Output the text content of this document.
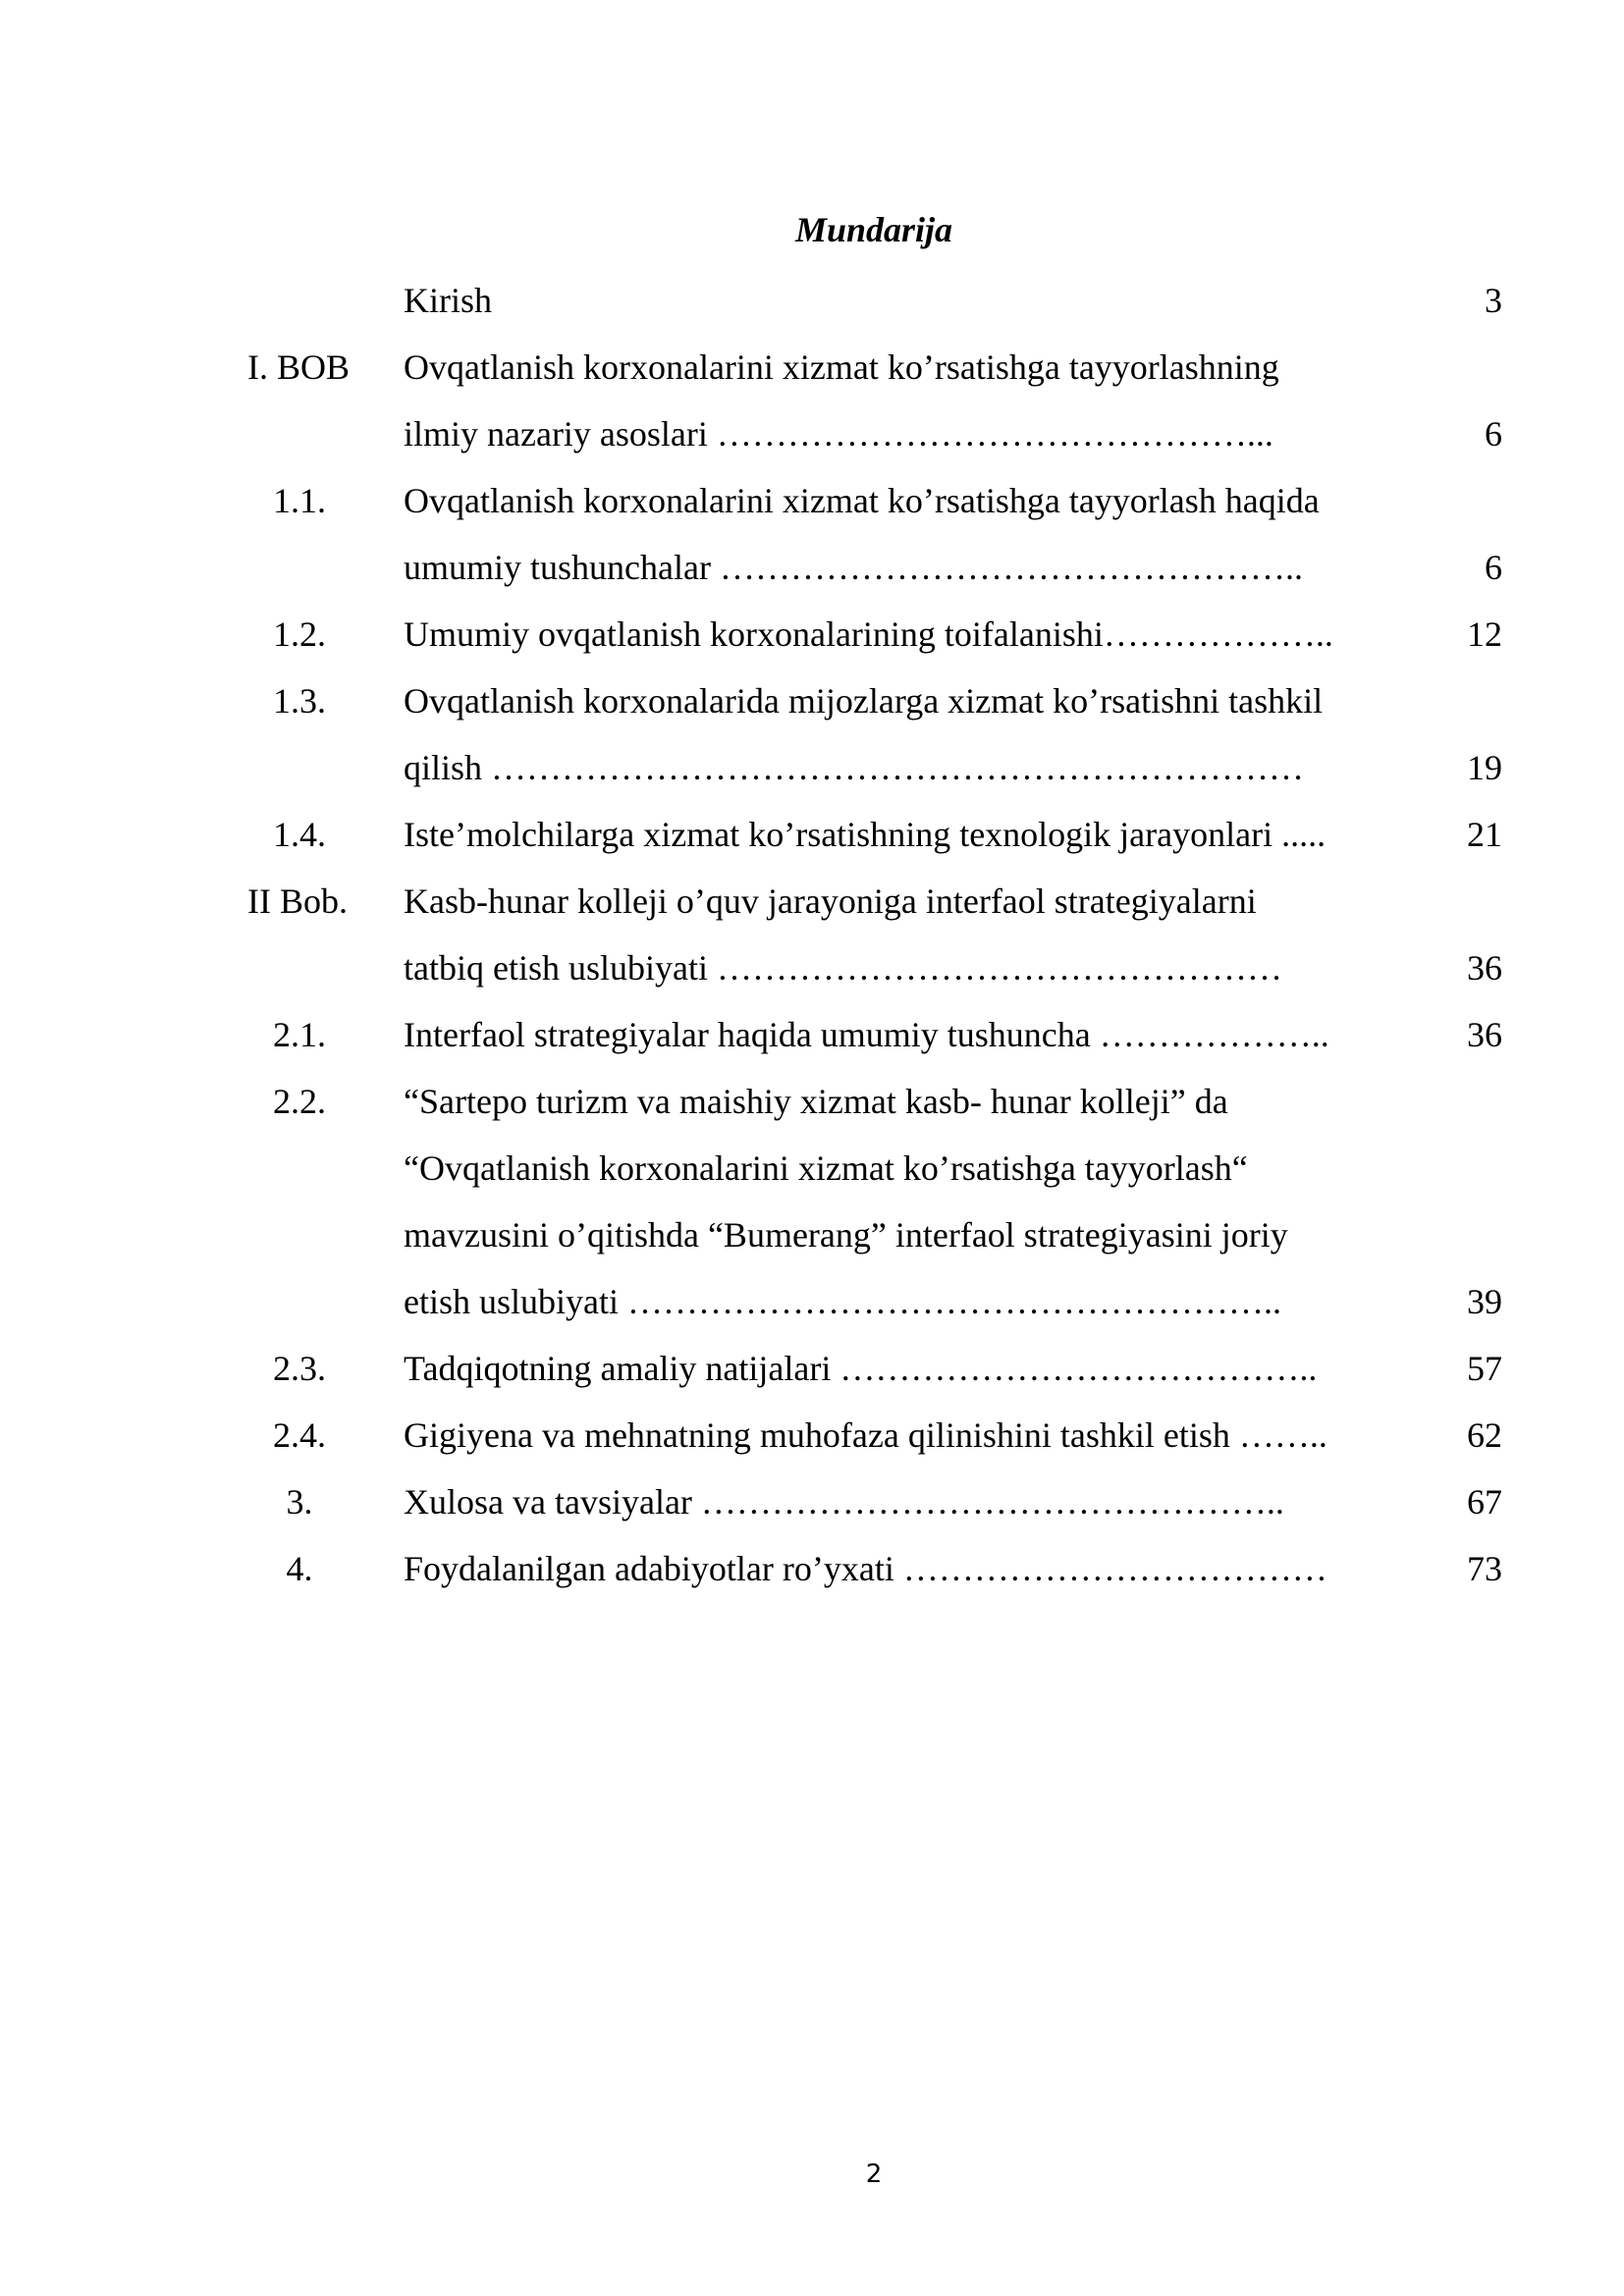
Mundarija
Kirish	3
I. BOB Ovqatlanish korxonalarini xizmat ko’rsatishga tayyorlashning
ilmiy nazariy asoslari ………………………………………...	6
1.1.	Ovqatlanish korxonalarini xizmat ko’rsatishga tayyorlash haqida
umumiy tushunchalar …………………………………………..	6
1.2.	Umumiy ovqatlanish korxonalarining toifalanishi………………..	12
1.3.	Ovqatlanish korxonalarida mijozlarga xizmat ko’rsatishni tashkil
qilish ……………………………………………………………	19
1.4.	Iste’molchilarga xizmat ko’rsatishning texnologik jarayonlari .....	21
II Bob. Kasb-hunar kolleji o’quv jarayoniga interfaol strategiyalarni
tatbiq etish uslubiyati …………………………………………	36
2.1.	Interfaol strategiyalar haqida umumiy tushuncha ………………..	36
2.2.	“Sartepo turizm va maishiy xizmat kasb- hunar kolleji” da
“Ovqatlanish korxonalarini xizmat ko’rsatishga tayyorlash“
mavzusini o’qitishda “Bumerang” interfaol strategiyasini joriy
etish uslubiyati ………………………………………………..	39
2.3.	Tadqiqotning amaliy natijalari …………………………………..	57
2.4.	Gigiyena va mehnatning muhofaza qilinishini tashkil etish ……..	62
3.	Xulosa va tavsiyalar …………………………………………..	67
4.	Foydalanilgan adabiyotlar ro’yxati ………………………………	73
2
